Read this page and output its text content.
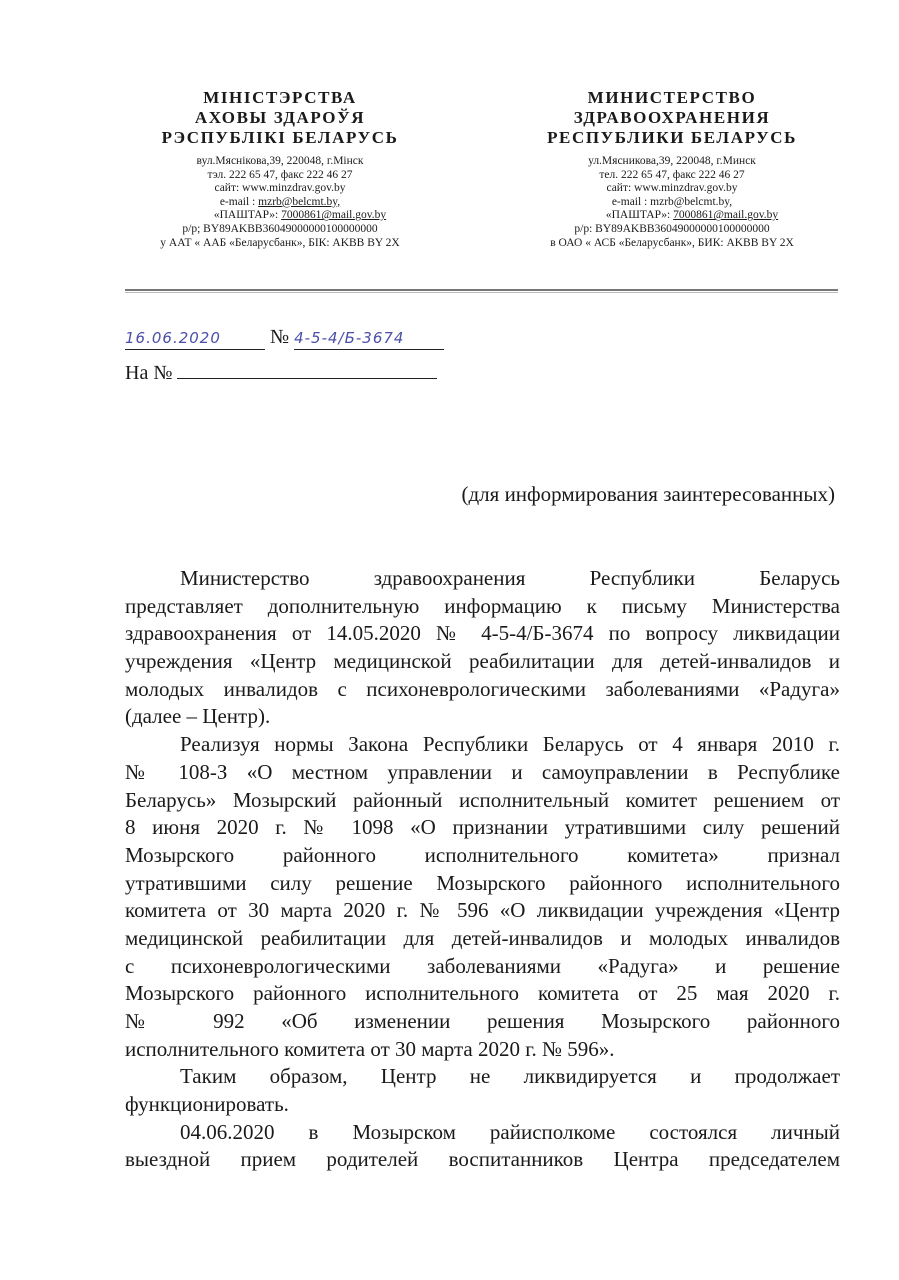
МІНІСТЭРСТВА
АХОВЫ ЗДАРОЎЯ
РЭСПУБЛІКІ БЕЛАРУСЬ
вул.Мяснікова,39, 220048, г.Мінск
тэл. 222 65 47, факс 222 46 27
сайт: www.minzdrav.gov.by
e-mail : mzrb@belcmt.by,
«ПАШТАР»: 7000861@mail.gov.by
р/р; BY89AKBB36049000000100000000
у ААТ « ААБ «Беларусбанк», БІК: AKBB BY 2X
МИНИСТЕРСТВО
ЗДРАВООХРАНЕНИЯ
РЕСПУБЛИКИ БЕЛАРУСЬ
ул.Мясникова,39, 220048, г.Минск
тел. 222 65 47, факс 222 46 27
сайт: www.minzdrav.gov.by
e-mail : mzrb@belcmt.by,
«ПАШТАР»: 7000861@mail.gov.by
р/р: BY89AKBB36049000000100000000
в ОАО « АСБ «Беларусбанк», БИК: AKBB BY 2X
16.06.2020 № 4-5-4/Б-3674
На №
(для информирования заинтересованных)
Министерство здравоохранения Республики Беларусь
представляет дополнительную информацию к письму Министерства
здравоохранения от 14.05.2020 № 4-5-4/Б-3674 по вопросу ликвидации
учреждения «Центр медицинской реабилитации для детей-инвалидов и
молодых инвалидов с психоневрологическими заболеваниями «Радуга»
(далее – Центр).
Реализуя нормы Закона Республики Беларусь от 4 января 2010 г.
№ 108-З «О местном управлении и самоуправлении в Республике
Беларусь» Мозырский районный исполнительный комитет решением от
8 июня 2020 г. № 1098 «О признании утратившими силу решений
Мозырского районного исполнительного комитета» признал
утратившими силу решение Мозырского районного исполнительного
комитета от 30 марта 2020 г. № 596 «О ликвидации учреждения «Центр
медицинской реабилитации для детей-инвалидов и молодых инвалидов
с психоневрологическими заболеваниями «Радуга» и решение
Мозырского районного исполнительного комитета от 25 мая 2020 г.
№ 992 «Об изменении решения Мозырского районного
исполнительного комитета от 30 марта 2020 г. № 596».
Таким образом, Центр не ликвидируется и продолжает
функционировать.
04.06.2020 в Мозырском райисполкоме состоялся личный
выездной прием родителей воспитанников Центра председателем
